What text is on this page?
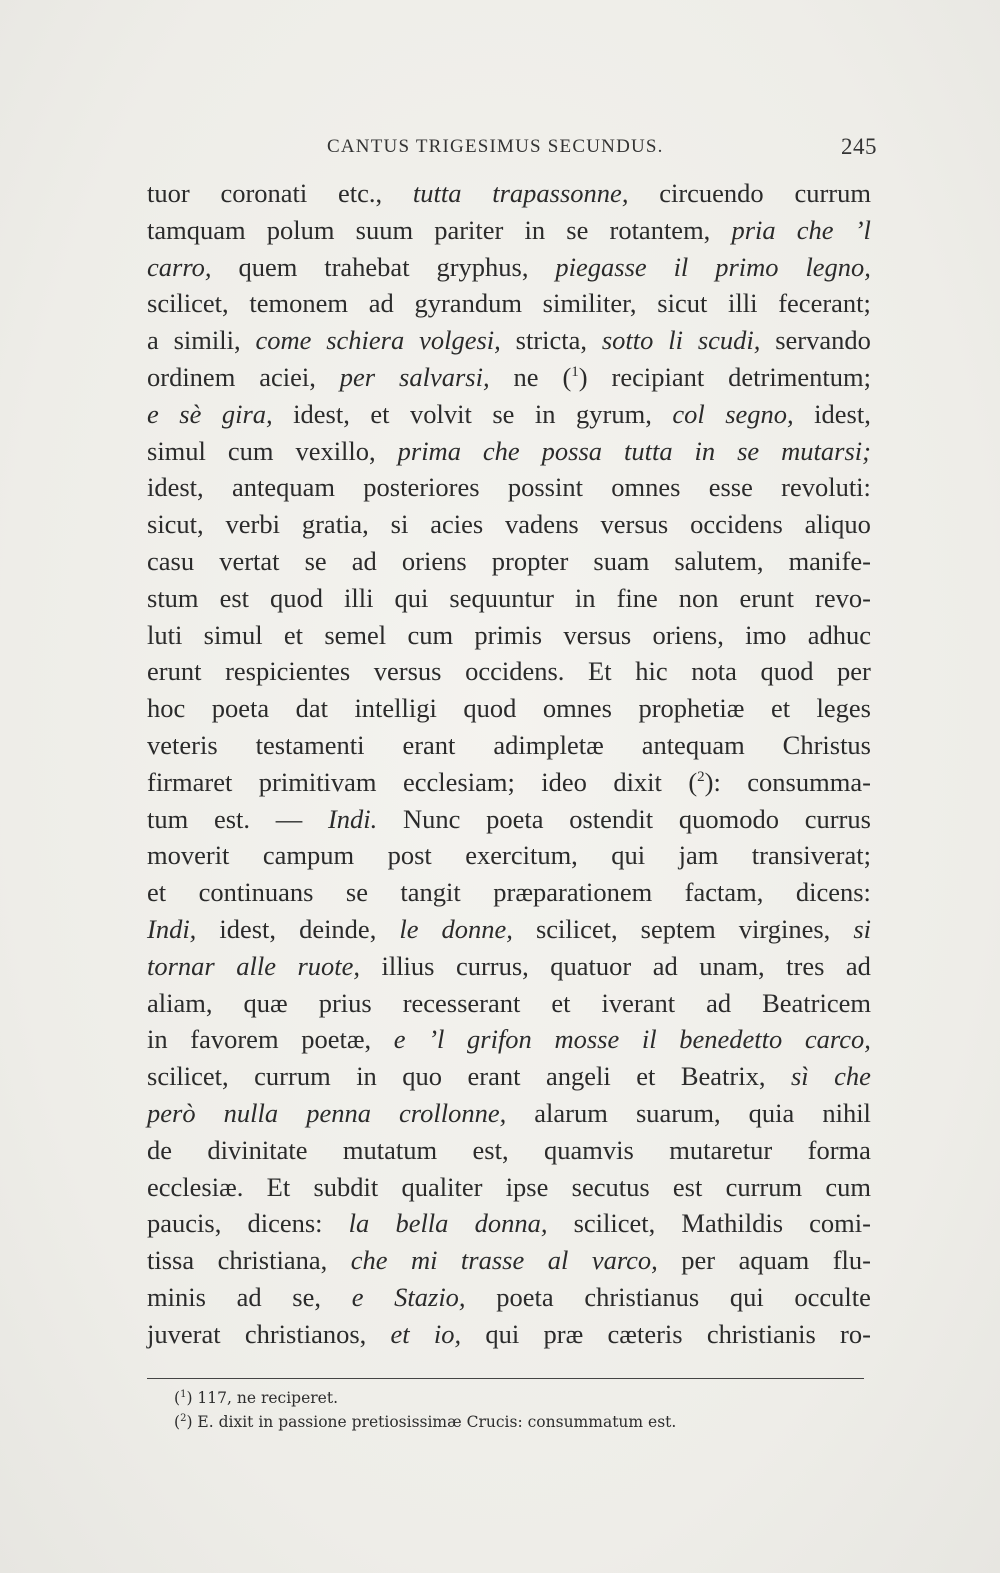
CANTUS TRIGESIMUS SECUNDUS.	245
tuor coronati etc., tutta trapassonne, circuendo currum
tamquam polum suum pariter in se rotantem, pria che ’l
carro, quem trahebat gryphus, piegasse il primo legno,
scilicet, temonem ad gyrandum similiter, sicut illi fecerant;
a simili, come schiera volgesi, stricta, sotto li scudi, servando
ordinem aciei, per salvarsi, ne ($^1$) recipiant detrimentum;
e sè gira, idest, et volvit se in gyrum, col segno, idest,
simul cum vexillo, prima che possa tutta in se mutarsi;
idest, antequam posteriores possint omnes esse revoluti:
sicut, verbi gratia, si acies vadens versus occidens aliquo
casu vertat se ad oriens propter suam salutem, manife-
stum est quod illi qui sequuntur in fine non erunt revo-
luti simul et semel cum primis versus oriens, imo adhuc
erunt respicientes versus occidens. Et hic nota quod per
hoc poeta dat intelligi quod omnes prophetiæ et leges
veteris testamenti erant adimpletæ antequam Christus
firmaret primitivam ecclesiam; ideo dixit ($^2$): consumma-
tum est. — Indi. Nunc poeta ostendit quomodo currus
moverit campum post exercitum, qui jam transiverat;
et continuans se tangit præparationem factam, dicens:
Indi, idest, deinde, le donne, scilicet, septem virgines, si
tornar alle ruote, illius currus, quatuor ad unam, tres ad
aliam, quæ prius recesserant et iverant ad Beatricem
in favorem poetæ, e ’l grifon mosse il benedetto carco,
scilicet, currum in quo erant angeli et Beatrix, sì che
però nulla penna crollonne, alarum suarum, quia nihil
de divinitate mutatum est, quamvis mutaretur forma
ecclesiæ. Et subdit qualiter ipse secutus est currum cum
paucis, dicens: la bella donna, scilicet, Mathildis comi-
tissa christiana, che mi trasse al varco, per aquam flu-
minis ad se, e Stazio, poeta christianus qui occulte
juverat christianos, et io, qui præ cæteris christianis ro-
($^1$) 117, ne reciperet.
($^2$) E. dixit in passione pretiosissimæ Crucis: consummatum est.
